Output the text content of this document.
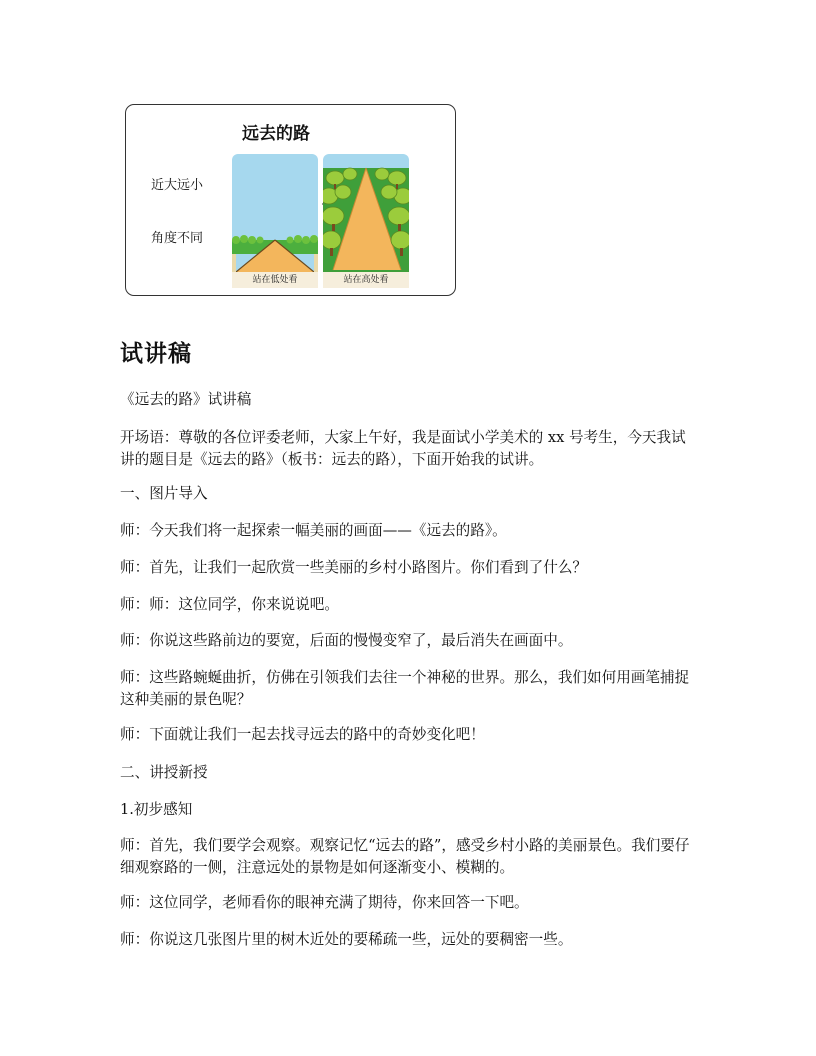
远去的路
近大远小
角度不同
站在低处看	站在高处看
试讲稿

《远去的路》试讲稿

开场语：尊敬的各位评委老师，大家上午好，我是面试小学美术的 xx 号考生，今天我试讲的题目是《远去的路》（板书：远去的路），下面开始我的试讲。

一、图片导入

师：今天我们将一起探索一幅美丽的画面——《远去的路》。

师：首先，让我们一起欣赏一些美丽的乡村小路图片。你们看到了什么？

师：师：这位同学，你来说说吧。

师：你说这些路前边的要宽，后面的慢慢变窄了，最后消失在画面中。

师：这些路蜿蜒曲折，仿佛在引领我们去往一个神秘的世界。那么，我们如何用画笔捕捉这种美丽的景色呢？

师：下面就让我们一起去找寻远去的路中的奇妙变化吧！

二、讲授新授

1.初步感知

师：首先，我们要学会观察。观察记忆“远去的路”，感受乡村小路的美丽景色。我们要仔细观察路的一侧，注意远处的景物是如何逐渐变小、模糊的。

师：这位同学，老师看你的眼神充满了期待，你来回答一下吧。

师：你说这几张图片里的树木近处的要稀疏一些，远处的要稠密一些。
